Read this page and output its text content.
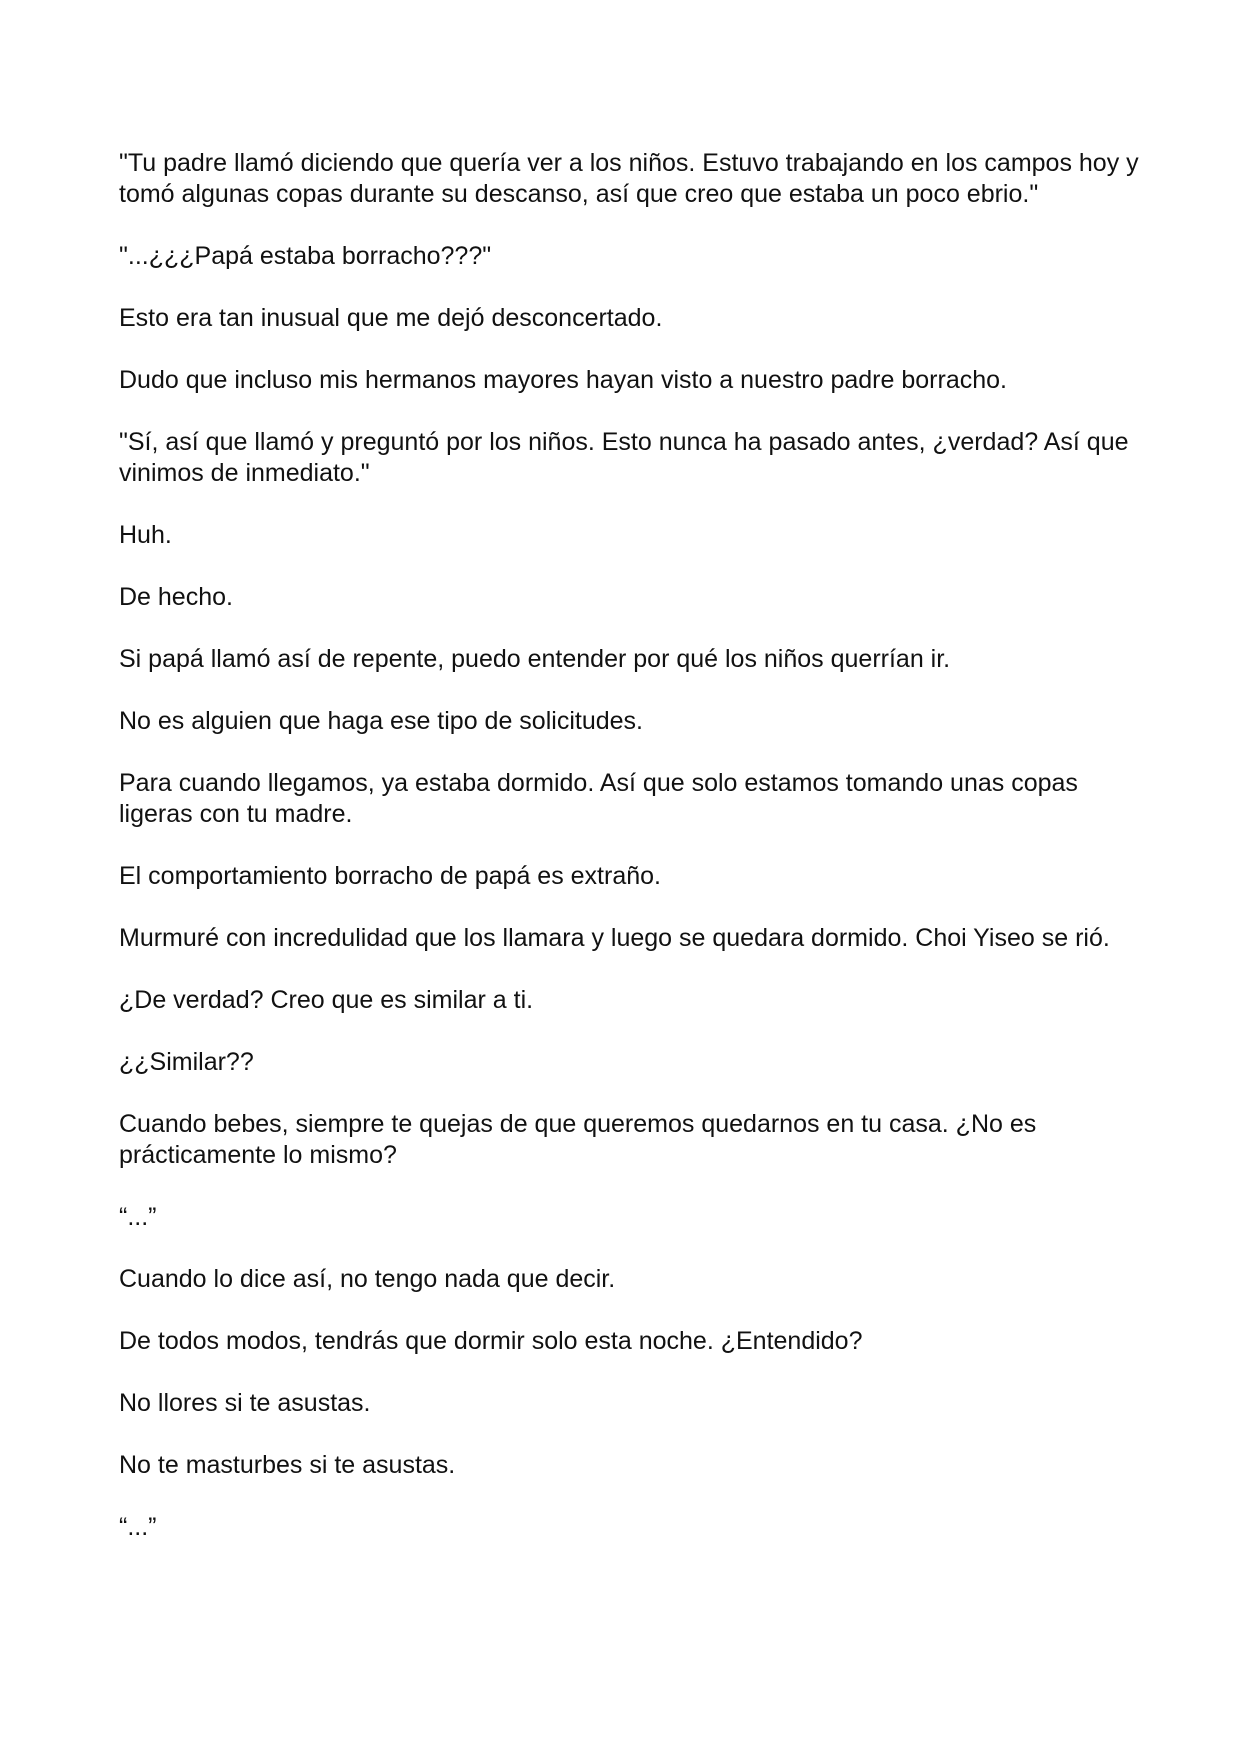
"Tu padre llamó diciendo que quería ver a los niños. Estuvo trabajando en los campos hoy y tomó algunas copas durante su descanso, así que creo que estaba un poco ebrio."

"...¿¿¿Papá estaba borracho???"

Esto era tan inusual que me dejó desconcertado.

Dudo que incluso mis hermanos mayores hayan visto a nuestro padre borracho.

"Sí, así que llamó y preguntó por los niños. Esto nunca ha pasado antes, ¿verdad? Así que vinimos de inmediato."

Huh.

De hecho.

Si papá llamó así de repente, puedo entender por qué los niños querrían ir.

No es alguien que haga ese tipo de solicitudes.

Para cuando llegamos, ya estaba dormido. Así que solo estamos tomando unas copas ligeras con tu madre.

El comportamiento borracho de papá es extraño.

Murmuré con incredulidad que los llamara y luego se quedara dormido. Choi Yiseo se rió.

¿De verdad? Creo que es similar a ti.

¿¿Similar??

Cuando bebes, siempre te quejas de que queremos quedarnos en tu casa. ¿No es prácticamente lo mismo?

“...”

Cuando lo dice así, no tengo nada que decir.

De todos modos, tendrás que dormir solo esta noche. ¿Entendido?

No llores si te asustas.

No te masturbes si te asustas.

“...”
